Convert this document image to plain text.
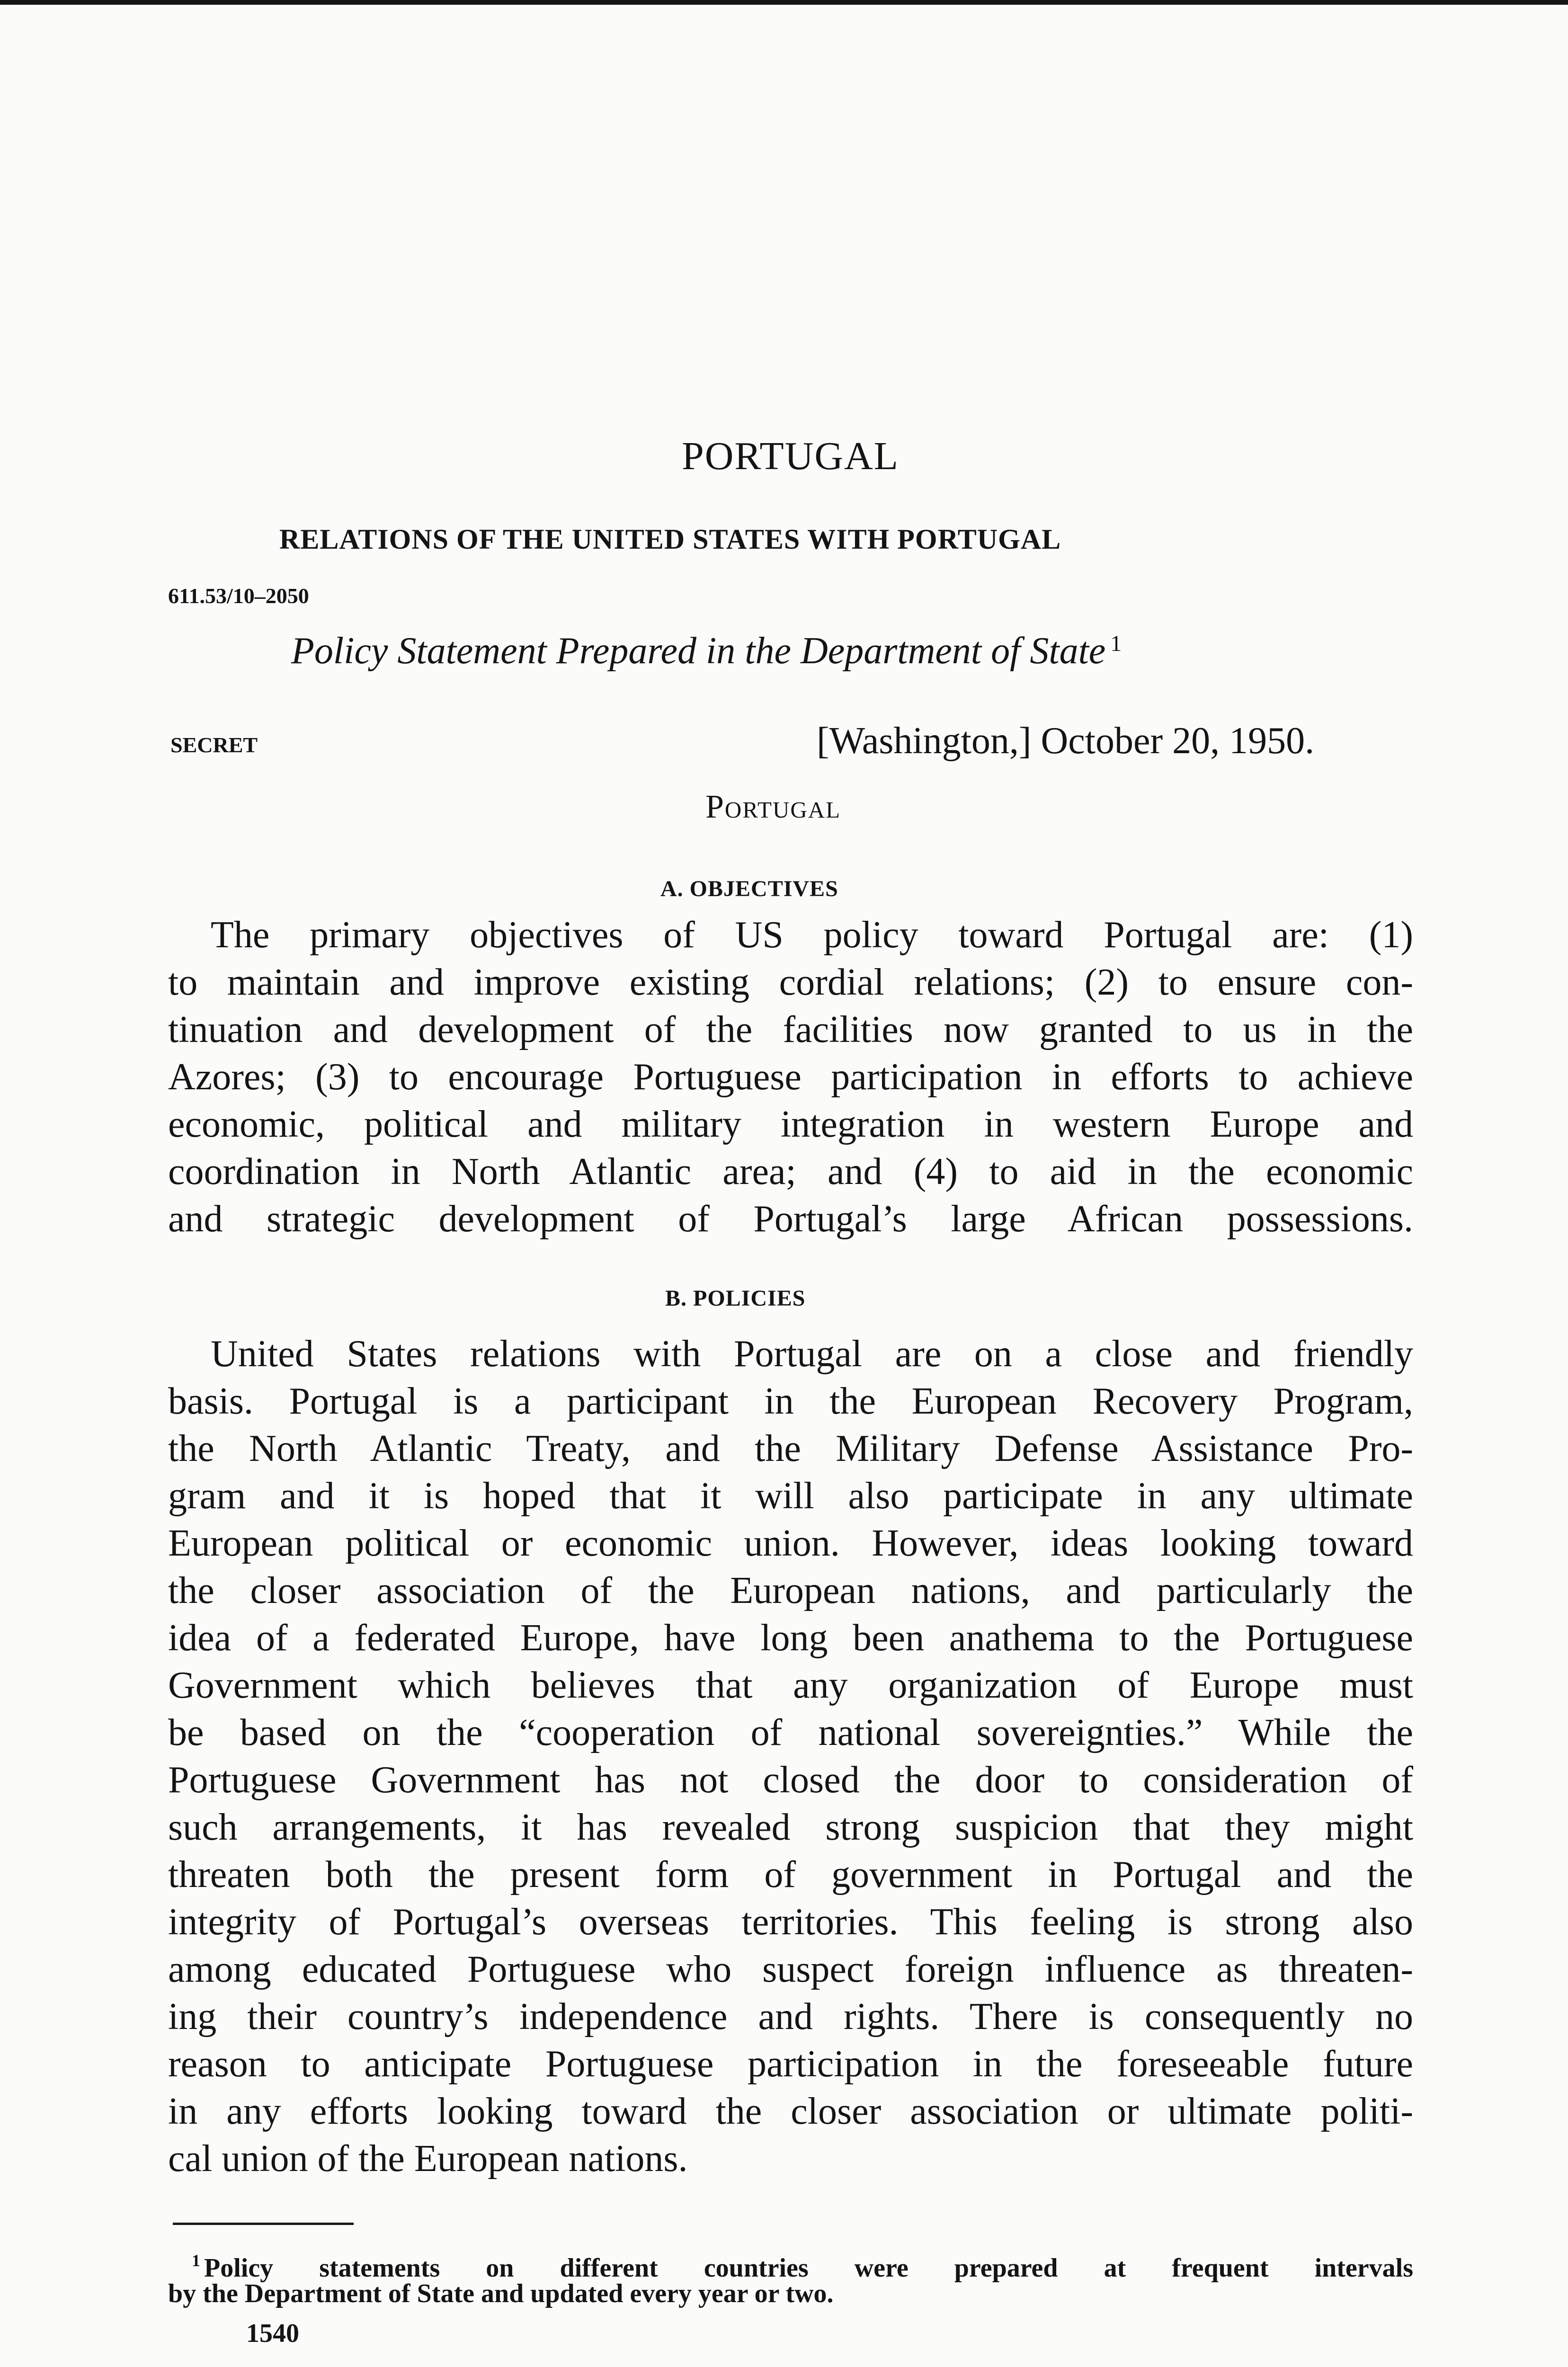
PORTUGAL
RELATIONS OF THE UNITED STATES WITH PORTUGAL
611.53/10–2050
Policy Statement Prepared in the Department of State $^1$
SECRET	[Washington,] October 20, 1950.
Portugal
A. OBJECTIVES

The primary objectives of US policy toward Portugal are: (1)

to maintain and improve existing cordial relations; (2) to ensure con-

tinuation and development of the facilities now granted to us in the

Azores; (3) to encourage Portuguese participation in efforts to achieve

economic, political and military integration in western Europe and

coordination in North Atlantic area; and (4) to aid in the economic

and strategic development of Portugal’s large African possessions.

B. POLICIES

United States relations with Portugal are on a close and friendly

basis. Portugal is a participant in the European Recovery Program,

the North Atlantic Treaty, and the Military Defense Assistance Pro-

gram and it is hoped that it will also participate in any ultimate

European political or economic union. However, ideas looking toward

the closer association of the European nations, and particularly the

idea of a federated Europe, have long been anathema to the Portuguese

Government which believes that any organization of Europe must

be based on the “cooperation of national sovereignties.” While the

Portuguese Government has not closed the door to consideration of

such arrangements, it has revealed strong suspicion that they might

threaten both the present form of government in Portugal and the

integrity of Portugal’s overseas territories. This feeling is strong also

among educated Portuguese who suspect foreign influence as threaten-

ing their country’s independence and rights. There is consequently no

reason to anticipate Portuguese participation in the foreseeable future

in any efforts looking toward the closer association or ultimate politi-

cal union of the European nations.

$^1$ Policy statements on different countries were prepared at frequent intervals

by the Department of State and updated every year or two.

1540
